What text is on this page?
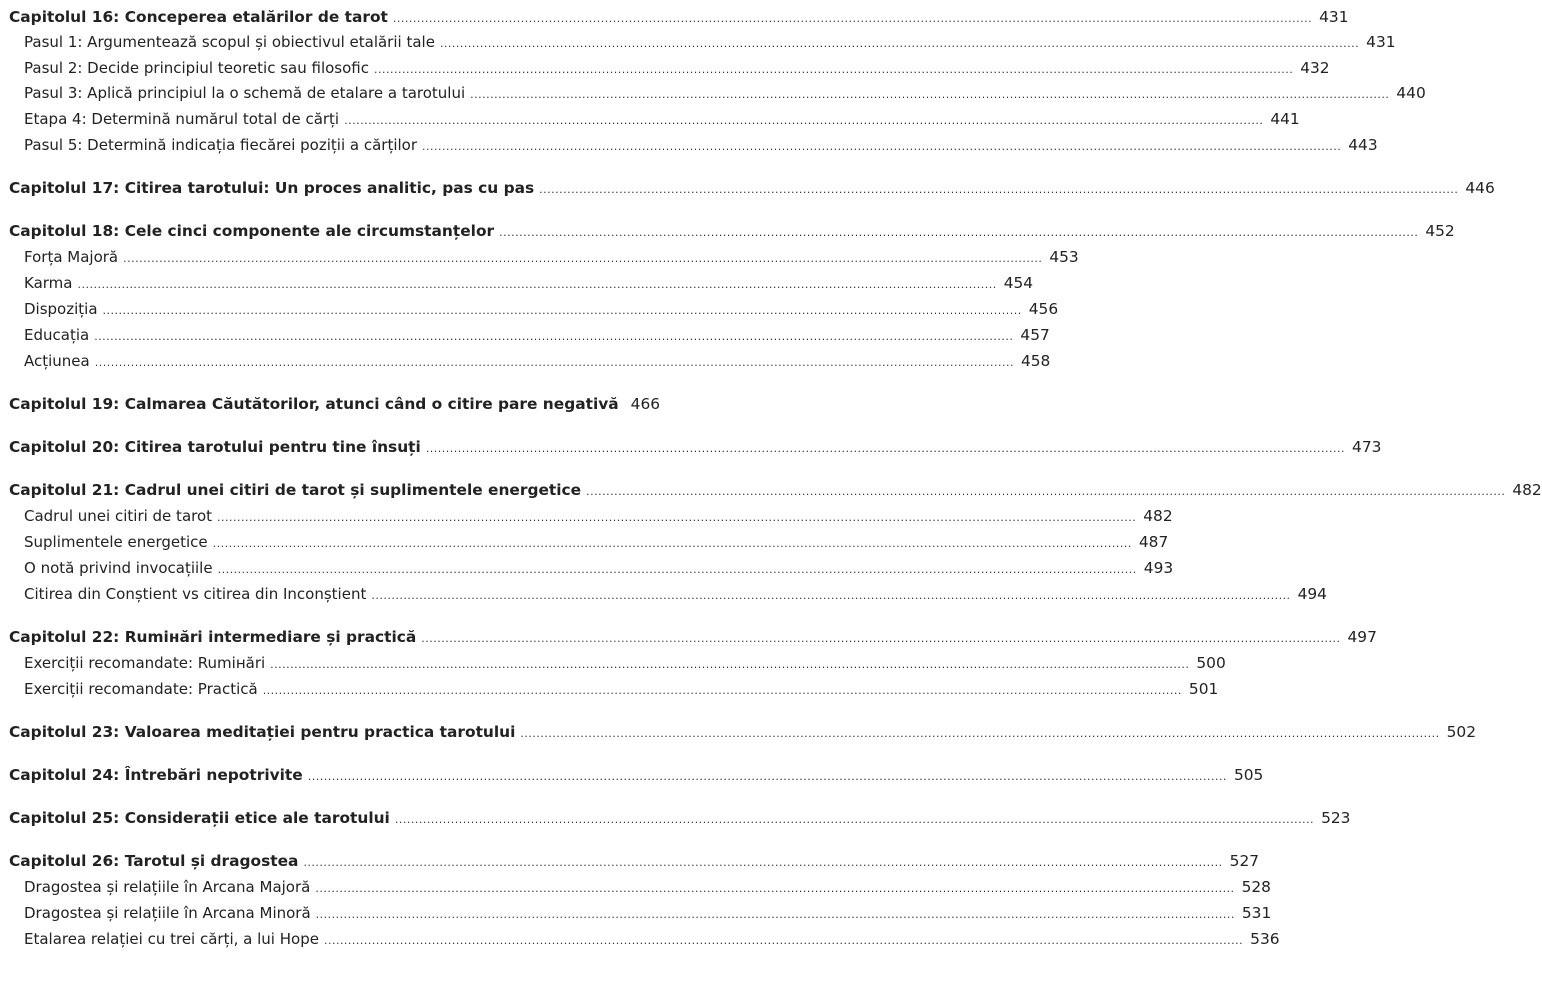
Capitolul 16: Conceperea etalărilor de tarot .....	431
Pasul 1: Argumentează scopul și obiectivul etalării tale .....	431
Pasul 2: Decide principiul teoretic sau filosofic .....	432
Pasul 3: Aplică principiul la o schemă de etalare a tarotului .....	440
Etapa 4: Determină numărul total de cărți .....	441
Pasul 5: Determină indicația fiecărei poziții a cărților .....	443
Capitolul 17: Citirea tarotului: Un proces analitic, pas cu pas .....	446
Capitolul 18: Cele cinci componente ale circumstanțelor .....	452
Forța Majoră .....	453
Karma .....	454
Dispoziția .....	456
Educația .....	457
Acțiunea .....	458
Capitolul 19: Calmarea Căutătorilor, atunci când o citire pare negativă 466
Capitolul 20: Citirea tarotului pentru tine însuți .....	473
Capitolul 21: Cadrul unei citiri de tarot și suplimentele energetice .....	482
Cadrul unei citiri de tarot .....	482
Suplimentele energetice .....	487
O notă privind invocațiile .....	493
Citirea din Conștient vs citirea din Inconștient .....	494
Capitolul 22: Rumінări intermediare și practică .....	497
Exerciții recomandate: Rumінări .....	500
Exerciții recomandate: Practică .....	501
Capitolul 23: Valoarea meditației pentru practica tarotului .....	502
Capitolul 24: Întrebări nepotrivite .....	505
Capitolul 25: Considerații etice ale tarotului .....	523
Capitolul 26: Tarotul și dragostea .....	527
Dragostea și relațiile în Arcana Majoră .....	528
Dragostea și relațiile în Arcana Minoră .....	531
Etalarea relației cu trei cărți, a lui Hope .....	536
